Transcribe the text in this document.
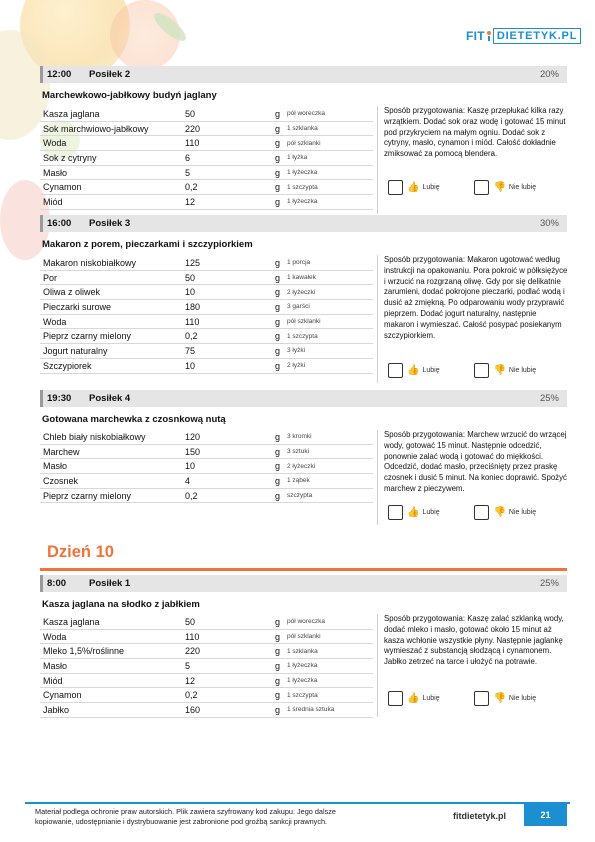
FIT	DIETETYK.PL
12:00	Posiłek 2	20%
Marchewkowo-jabłkowy budyń jaglany
Kasza jaglana	50	g	pół woreczka
Sok marchwiowo-jabłkowy	220	g	1 szklanka
Woda	110	g	pół szklanki
Sok z cytryny	6	g	1 łyżka
Masło	5	g	1 łyżeczka
Cynamon	0,2	g	1 szczypta
Miód	12	g	1 łyżeczka
Sposób przygotowania: Kaszę przepłukać kilka razy wrzątkiem. Dodać sok oraz wodę i gotować 15 minut pod przykryciem na małym ogniu. Dodać sok z cytryny, masło, cynamon i miód. Całość dokładnie zmiksować za pomocą blendera.
👍 Lubię	👎 Nie lubię
16:00	Posiłek 3	30%
Makaron z porem, pieczarkami i szczypiorkiem
Makaron niskobiałkowy	125	g	1 porcja
Por	50	g	1 kawałek
Oliwa z oliwek	10	g	2 łyżeczki
Pieczarki surowe	180	g	3 garści
Woda	110	g	pół szklanki
Pieprz czarny mielony	0,2	g	1 szczypta
Jogurt naturalny	75	g	3 łyżki
Szczypiorek	10	g	2 łyżki
Sposób przygotowania: Makaron ugotować według instrukcji na opakowaniu. Pora pokroić w półksiężyce i wrzucić na rozgrzaną oliwę. Gdy por się delikatnie zarumieni, dodać pokrojone pieczarki, podlać wodą i dusić aż zmiękną. Po odparowaniu wody przyprawić pieprzem. Dodać jogurt naturalny, następnie makaron i wymieszać. Całość posypać posiekanym szczypiorkiem.
👍 Lubię	👎 Nie lubię
19:30	Posiłek 4	25%
Gotowana marchewka z czosnkową nutą
Chleb biały niskobiałkowy	120	g	3 kromki
Marchew	150	g	3 sztuki
Masło	10	g	2 łyżeczki
Czosnek	4	g	1 ząbek
Pieprz czarny mielony	0,2	g	szczypta
Sposób przygotowania: Marchew wrzucić do wrzącej wody, gotować 15 minut. Następnie odcedzić, ponownie zalać wodą i gotować do miękkości. Odcedzić, dodać masło, przeciśnięty przez praskę czosnek i dusić 5 minut. Na koniec doprawić. Spożyć marchew z pieczywem.
👍 Lubię	👎 Nie lubię
Dzień 10
8:00	Posiłek 1	25%
Kasza jaglana na słodko z jabłkiem
Kasza jaglana	50	g	pół woreczka
Woda	110	g	pół szklanki
Mleko 1,5%/roślinne	220	g	1 szklanka
Masło	5	g	1 łyżeczka
Miód	12	g	1 łyżeczka
Cynamon	0,2	g	1 szczypta
Jabłko	160	g	1 średnia sztuka
Sposób przygotowania: Kaszę zalać szklanką wody, dodać mleko i masło, gotować około 15 minut aż kasza wchłonie wszystkie płyny. Następnie jaglankę wymieszać z substancją słodzącą i cynamonem. Jabłko zetrzeć na tarce i ułożyć na potrawie.
👍 Lubię	👎 Nie lubię
Materiał podlega ochronie praw autorskich. Plik zawiera szyfrowany kod zakupu. Jego dalsze kopiowanie, udostępnianie i dystrybuowanie jest zabronione pod groźbą sankcji prawnych.
fitdietetyk.pl	21
